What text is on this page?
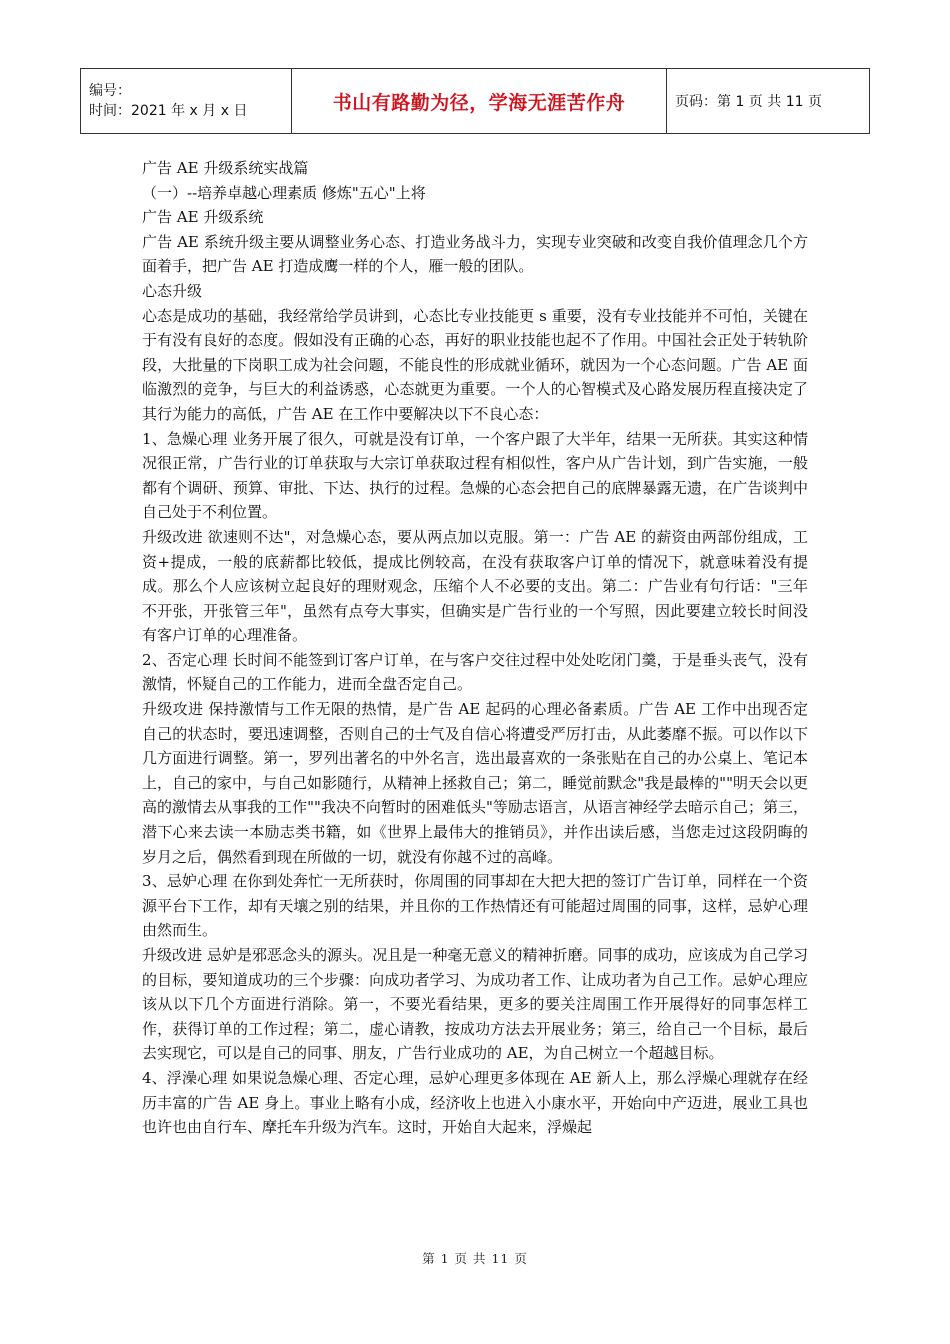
编号：
时间：2021 年 x 月 x 日	书山有路勤为径，学海无涯苦作舟	页码：第 1 页 共 11 页

广告 AE 升级系统实战篇

（一）--培养卓越心理素质 修炼"五心"上将

广告 AE 升级系统

广告 AE 系统升级主要从调整业务心态、打造业务战斗力，实现专业突破和改变自我价值理念几个方面着手，把广告 AE 打造成鹰一样的个人，雁一般的团队。

心态升级

心态是成功的基础，我经常给学员讲到，心态比专业技能更 s 重要，没有专业技能并不可怕，关键在于有没有良好的态度。假如没有正确的心态，再好的职业技能也起不了作用。中国社会正处于转轨阶段，大批量的下岗职工成为社会问题，不能良性的形成就业循环，就因为一个心态问题。广告 AE 面临激烈的竞争，与巨大的利益诱惑，心态就更为重要。一个人的心智模式及心路发展历程直接决定了其行为能力的高低，广告 AE 在工作中要解决以下不良心态：

1、急燥心理 业务开展了很久，可就是没有订单，一个客户跟了大半年，结果一无所获。其实这种情况很正常，广告行业的订单获取与大宗订单获取过程有相似性，客户从广告计划，到广告实施，一般都有个调研、预算、审批、下达、执行的过程。急燥的心态会把自己的底牌暴露无遗，在广告谈判中自己处于不利位置。

升级改进 欲速则不达"，对急燥心态，要从两点加以克服。第一：广告 AE 的薪资由两部份组成，工资+提成，一般的底薪都比较低，提成比例较高，在没有获取客户订单的情况下，就意味着没有提成。那么个人应该树立起良好的理财观念，压缩个人不必要的支出。第二：广告业有句行话："三年不开张，开张管三年"，虽然有点夸大事实，但确实是广告行业的一个写照，因此要建立较长时间没有客户订单的心理准备。

2、否定心理 长时间不能签到订客户订单，在与客户交往过程中处处吃闭门羹，于是垂头丧气，没有激情，怀疑自己的工作能力，进而全盘否定自己。

升级攻进 保持激情与工作无限的热情，是广告 AE 起码的心理必备素质。广告 AE 工作中出现否定自己的状态时，要迅速调整，否则自己的士气及自信心将遭受严厉打击，从此萎靡不振。可以作以下几方面进行调整。第一，罗列出著名的中外名言，选出最喜欢的一条张贴在自己的办公桌上、笔记本上，自己的家中，与自己如影随行，从精神上拯救自己；第二，睡觉前默念"我是最棒的""明天会以更高的激情去从事我的工作""我决不向暂时的困难低头"等励志语言，从语言神经学去暗示自己；第三，潜下心来去读一本励志类书籍，如《世界上最伟大的推销员》，并作出读后感，当您走过这段阴晦的岁月之后，偶然看到现在所做的一切，就没有你越不过的高峰。

3、忌妒心理 在你到处奔忙一无所获时，你周围的同事却在大把大把的签订广告订单，同样在一个资源平台下工作，却有天壤之别的结果，并且你的工作热情还有可能超过周围的同事，这样，忌妒心理由然而生。

升级改进 忌妒是邪恶念头的源头。况且是一种毫无意义的精神折磨。同事的成功，应该成为自己学习的目标，要知道成功的三个步骤：向成功者学习、为成功者工作、让成功者为自己工作。忌妒心理应该从以下几个方面进行消除。第一，不要光看结果，更多的要关注周围工作开展得好的同事怎样工作，获得订单的工作过程；第二，虚心请教，按成功方法去开展业务；第三，给自己一个目标，最后去实现它，可以是自己的同事、朋友，广告行业成功的 AE，为自己树立一个超越目标。

4、浮澡心理 如果说急燥心理、否定心理，忌妒心理更多体现在 AE 新人上，那么浮燥心理就存在经历丰富的广告 AE 身上。事业上略有小成，经济收上也进入小康水平，开始向中产迈进，展业工具也也许也由自行车、摩托车升级为汽车。这时，开始自大起来，浮燥起

第 1 页 共 11 页
